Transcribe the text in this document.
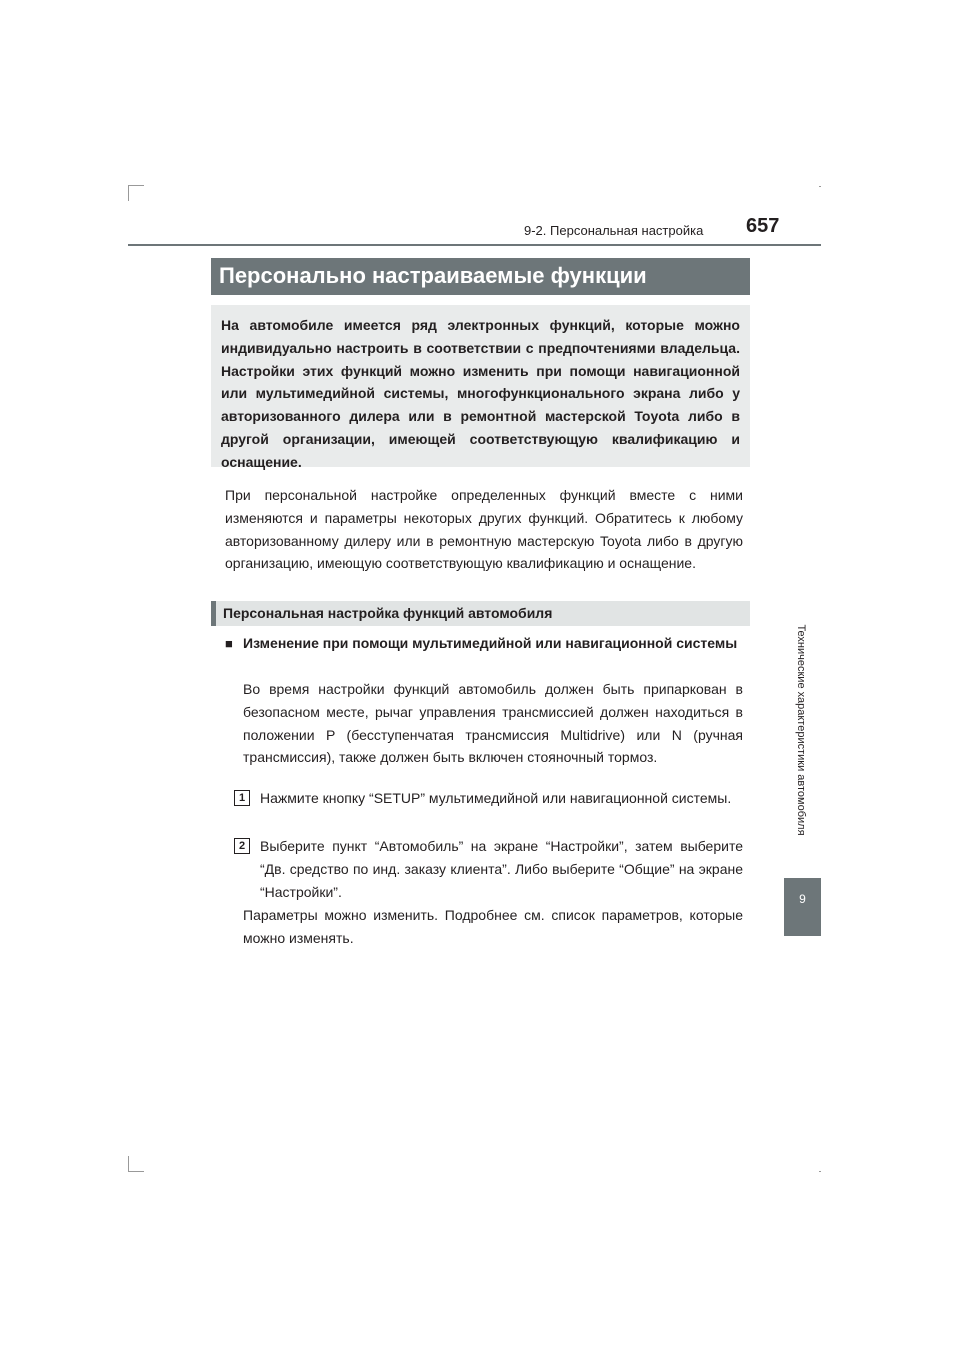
9-2. Персональная настройка 657
Технические характеристики автомобиля
9
Персонально настраиваемые функции
На автомобиле имеется ряд электронных функций, которые можно индивидуально настроить в соответствии с предпочтениями владельца. Настройки этих функций можно изменить при помощи навигационной или мультимедийной системы, многофункционального экрана либо у авторизованного дилера или в ремонтной мастерской Toyota либо в другой организации, имеющей соответствующую квалификацию и оснащение.
При персональной настройке определенных функций вместе с ними изменяются и параметры некоторых других функций. Обратитесь к любому авторизованному дилеру или в ремонтную мастерскую Toyota либо в другую организацию, имеющую соответствующую квалификацию и оснащение.
Персональная настройка функций автомобиля
■ Изменение при помощи мультимедийной или навигационной системы
Во время настройки функций автомобиль должен быть припаркован в безопасном месте, рычаг управления трансмиссией должен находиться в положении P (бесступенчатая трансмиссия Multidrive) или N (ручная трансмиссия), также должен быть включен стояночный тормоз.
1	Нажмите кнопку “SETUP” мультимедийной или навигационной системы.
2	Выберите пункт “Автомобиль” на экране “Настройки”, затем выберите “Дв. средство по инд. заказу клиента”. Либо выберите “Общие” на экране “Настройки”.
Параметры можно изменить. Подробнее см. список параметров, которые можно изменять.
